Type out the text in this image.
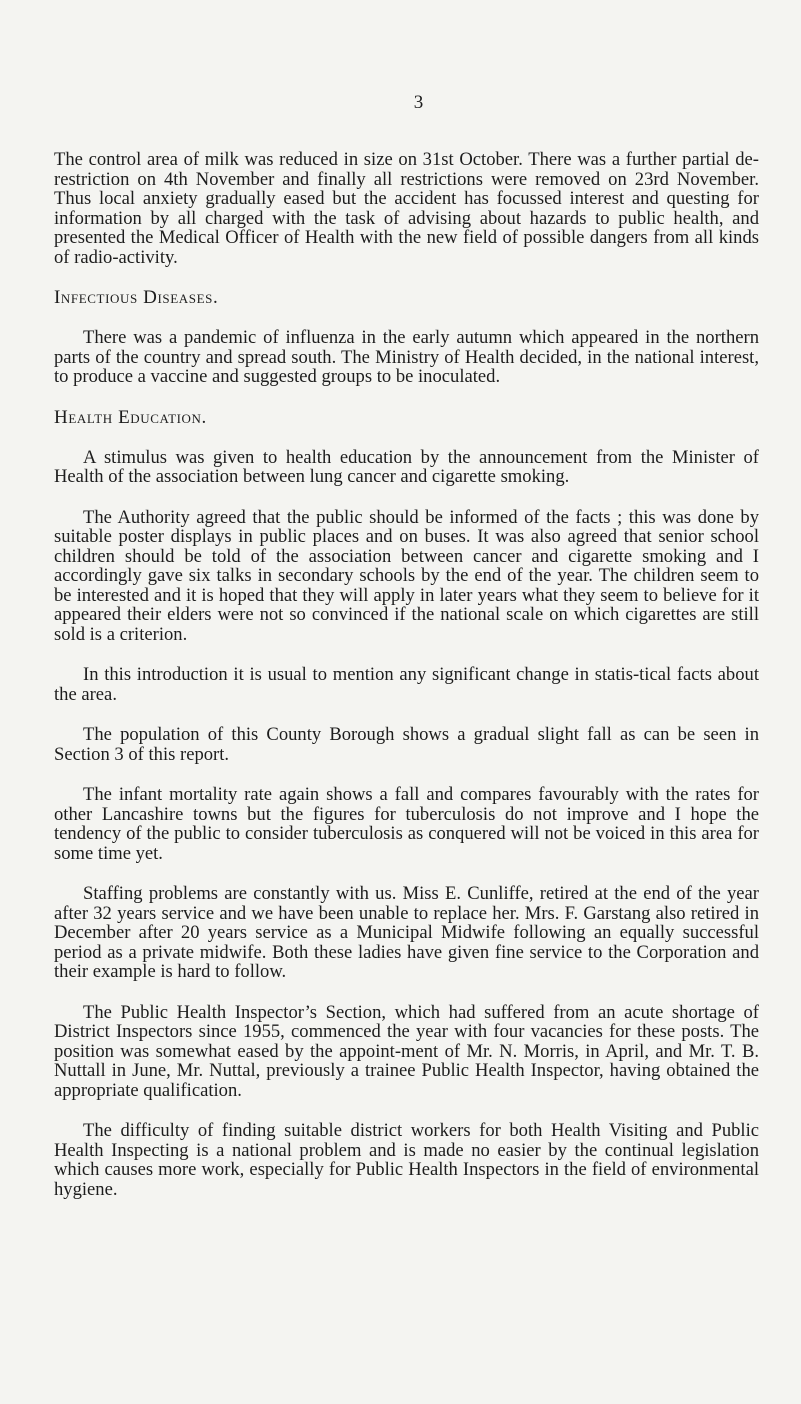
3

The control area of milk was reduced in size on 31st October. There was a further partial de-restriction on 4th November and finally all restrictions were removed on 23rd November. Thus local anxiety gradually eased but the accident has focussed interest and questing for information by all charged with the task of advising about hazards to public health, and presented the Medical Officer of Health with the new field of possible dangers from all kinds of radio-activity.

Infectious Diseases.

There was a pandemic of influenza in the early autumn which appeared in the northern parts of the country and spread south. The Ministry of Health decided, in the national interest, to produce a vaccine and suggested groups to be inoculated.

Health Education.

A stimulus was given to health education by the announcement from the Minister of Health of the association between lung cancer and cigarette smoking.

The Authority agreed that the public should be informed of the facts ; this was done by suitable poster displays in public places and on buses. It was also agreed that senior school children should be told of the association between cancer and cigarette smoking and I accordingly gave six talks in secondary schools by the end of the year. The children seem to be interested and it is hoped that they will apply in later years what they seem to believe for it appeared their elders were not so convinced if the national scale on which cigarettes are still sold is a criterion.

In this introduction it is usual to mention any significant change in statis-tical facts about the area.

The population of this County Borough shows a gradual slight fall as can be seen in Section 3 of this report.

The infant mortality rate again shows a fall and compares favourably with the rates for other Lancashire towns but the figures for tuberculosis do not improve and I hope the tendency of the public to consider tuberculosis as conquered will not be voiced in this area for some time yet.

Staffing problems are constantly with us. Miss E. Cunliffe, retired at the end of the year after 32 years service and we have been unable to replace her. Mrs. F. Garstang also retired in December after 20 years service as a Municipal Midwife following an equally successful period as a private midwife. Both these ladies have given fine service to the Corporation and their example is hard to follow.

The Public Health Inspector’s Section, which had suffered from an acute shortage of District Inspectors since 1955, commenced the year with four vacancies for these posts. The position was somewhat eased by the appoint-ment of Mr. N. Morris, in April, and Mr. T. B. Nuttall in June, Mr. Nuttal, previously a trainee Public Health Inspector, having obtained the appropriate qualification.

The difficulty of finding suitable district workers for both Health Visiting and Public Health Inspecting is a national problem and is made no easier by the continual legislation which causes more work, especially for Public Health Inspectors in the field of environmental hygiene.
